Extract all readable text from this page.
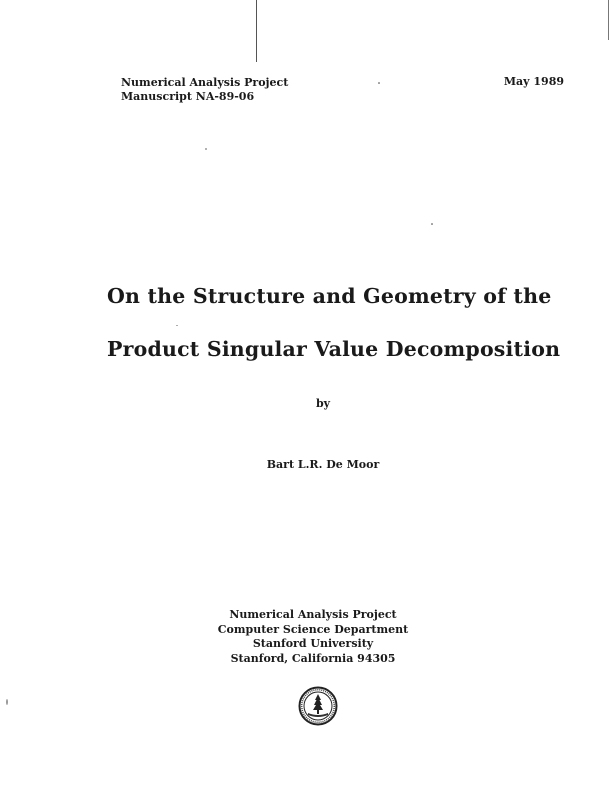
Numerical Analysis Project
Manuscript NA-89-06
May 1989
On the Structure and Geometry of the
Product Singular Value Decomposition
by
Bart L.R. De Moor
Numerical Analysis Project
Computer Science Department
Stanford University
Stanford, California 94305
